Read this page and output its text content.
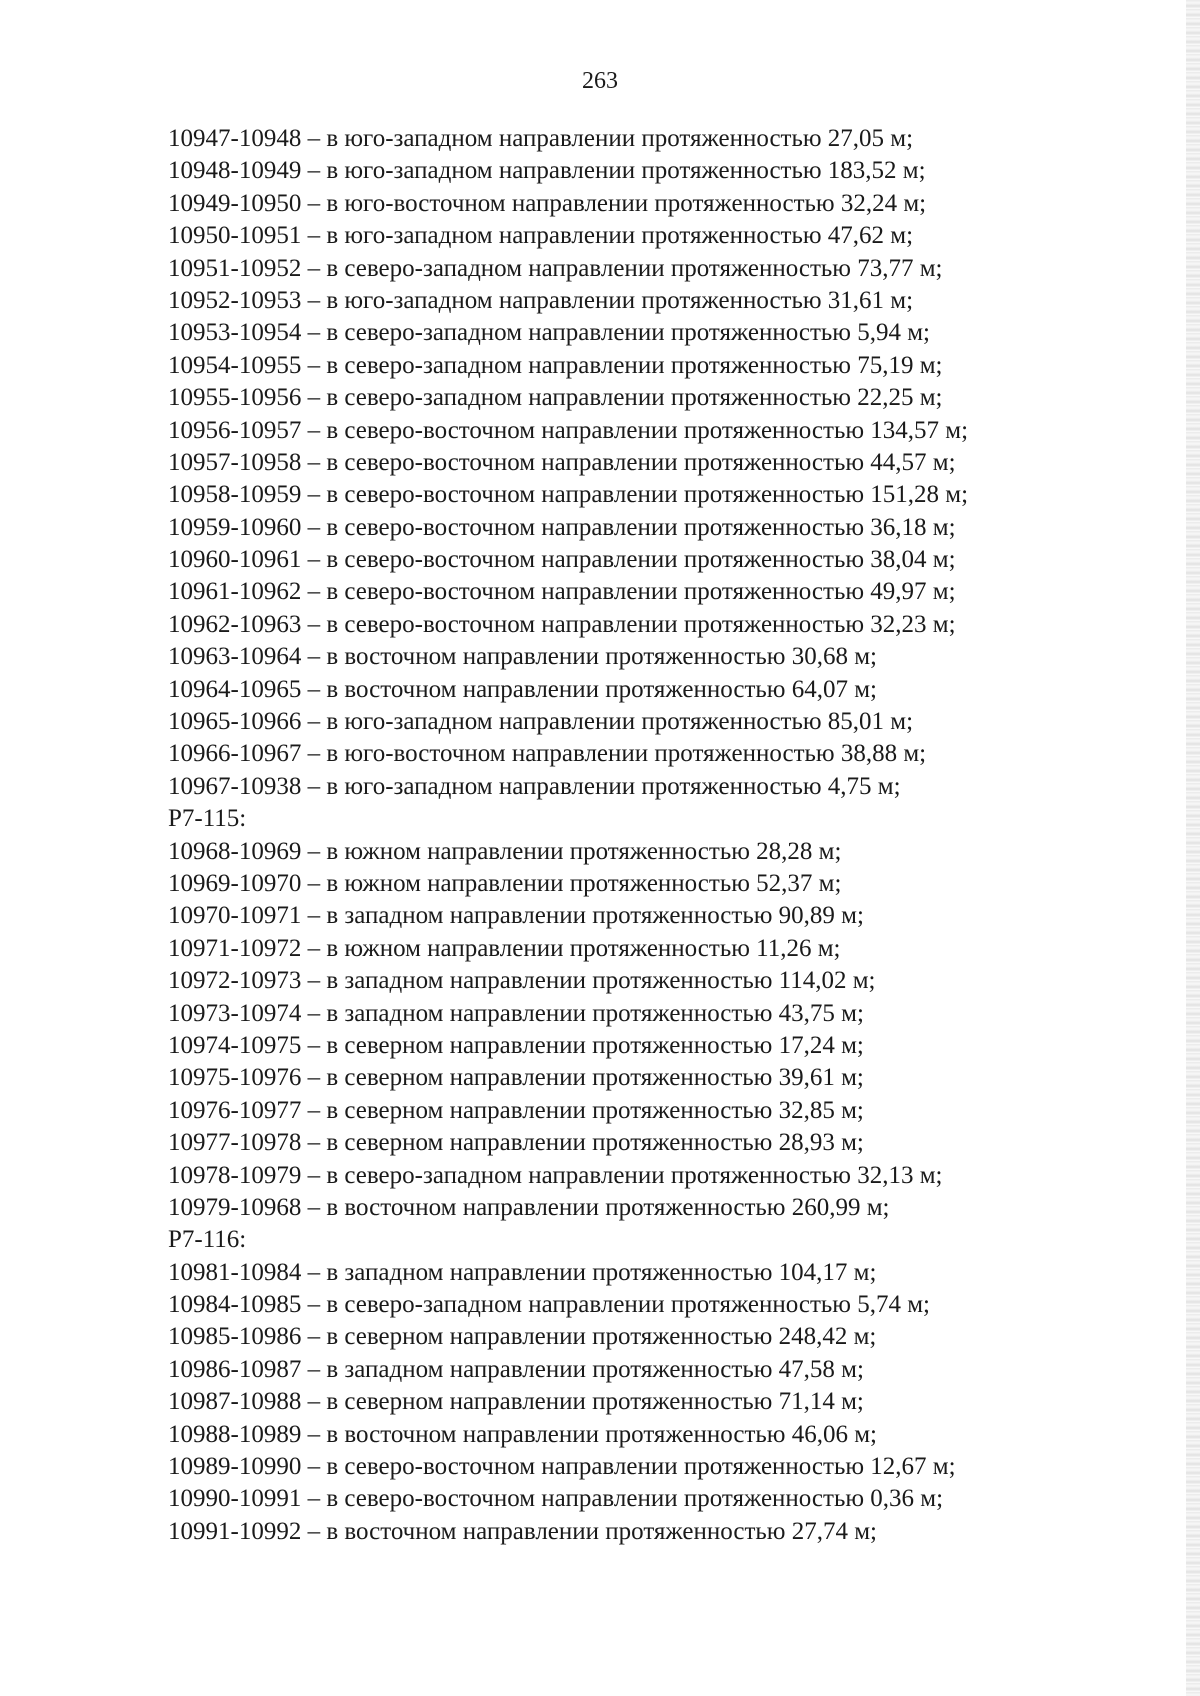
263
10947-10948 – в юго-западном направлении протяженностью 27,05 м;
10948-10949 – в юго-западном направлении протяженностью 183,52 м;
10949-10950 – в юго-восточном направлении протяженностью 32,24 м;
10950-10951 – в юго-западном направлении протяженностью 47,62 м;
10951-10952 – в северо-западном направлении протяженностью 73,77 м;
10952-10953 – в юго-западном направлении протяженностью 31,61 м;
10953-10954 – в северо-западном направлении протяженностью 5,94 м;
10954-10955 – в северо-западном направлении протяженностью 75,19 м;
10955-10956 – в северо-западном направлении протяженностью 22,25 м;
10956-10957 – в северо-восточном направлении протяженностью 134,57 м;
10957-10958 – в северо-восточном направлении протяженностью 44,57 м;
10958-10959 – в северо-восточном направлении протяженностью 151,28 м;
10959-10960 – в северо-восточном направлении протяженностью 36,18 м;
10960-10961 – в северо-восточном направлении протяженностью 38,04 м;
10961-10962 – в северо-восточном направлении протяженностью 49,97 м;
10962-10963 – в северо-восточном направлении протяженностью 32,23 м;
10963-10964 – в восточном направлении протяженностью 30,68 м;
10964-10965 – в восточном направлении протяженностью 64,07 м;
10965-10966 – в юго-западном направлении протяженностью 85,01 м;
10966-10967 – в юго-восточном направлении протяженностью 38,88 м;
10967-10938 – в юго-западном направлении протяженностью 4,75 м;
Р7-115:
10968-10969 – в южном направлении протяженностью 28,28 м;
10969-10970 – в южном направлении протяженностью 52,37 м;
10970-10971 – в западном направлении протяженностью 90,89 м;
10971-10972 – в южном направлении протяженностью 11,26 м;
10972-10973 – в западном направлении протяженностью 114,02 м;
10973-10974 – в западном направлении протяженностью 43,75 м;
10974-10975 – в северном направлении протяженностью 17,24 м;
10975-10976 – в северном направлении протяженностью 39,61 м;
10976-10977 – в северном направлении протяженностью 32,85 м;
10977-10978 – в северном направлении протяженностью 28,93 м;
10978-10979 – в северо-западном направлении протяженностью 32,13 м;
10979-10968 – в восточном направлении протяженностью 260,99 м;
Р7-116:
10981-10984 – в западном направлении протяженностью 104,17 м;
10984-10985 – в северо-западном направлении протяженностью 5,74 м;
10985-10986 – в северном направлении протяженностью 248,42 м;
10986-10987 – в западном направлении протяженностью 47,58 м;
10987-10988 – в северном направлении протяженностью 71,14 м;
10988-10989 – в восточном направлении протяженностью 46,06 м;
10989-10990 – в северо-восточном направлении протяженностью 12,67 м;
10990-10991 – в северо-восточном направлении протяженностью 0,36 м;
10991-10992 – в восточном направлении протяженностью 27,74 м;
